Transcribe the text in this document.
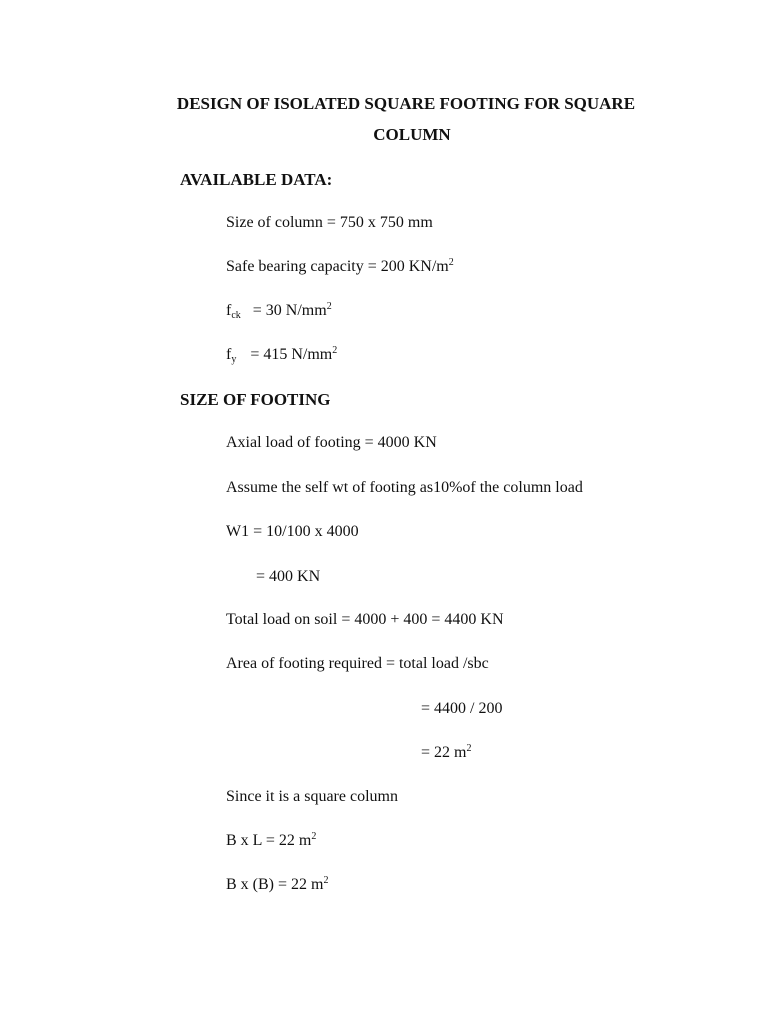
DESIGN OF ISOLATED SQUARE FOOTING FOR SQUARE
COLUMN
AVAILABLE DATA:
Size of column = 750 x 750 mm
Safe bearing capacity = 200 $KN/m^2$
$f_{ck} = 30$ $N/mm^2$
$f_y = 415$ $N/mm^2$
SIZE OF FOOTING
Axial load of footing = 4000 KN
Assume the self wt of footing as10%of the column load
W1 = 10/100 x 4000
= 400 KN
Total load on soil = 4000 + 400 = 4400 KN
Area of footing required = total load /sbc
= 4400 / 200
= 22 $m^2$
Since it is a square column
B x L = 22 $m^2$
B x (B) = 22 $m^2$
